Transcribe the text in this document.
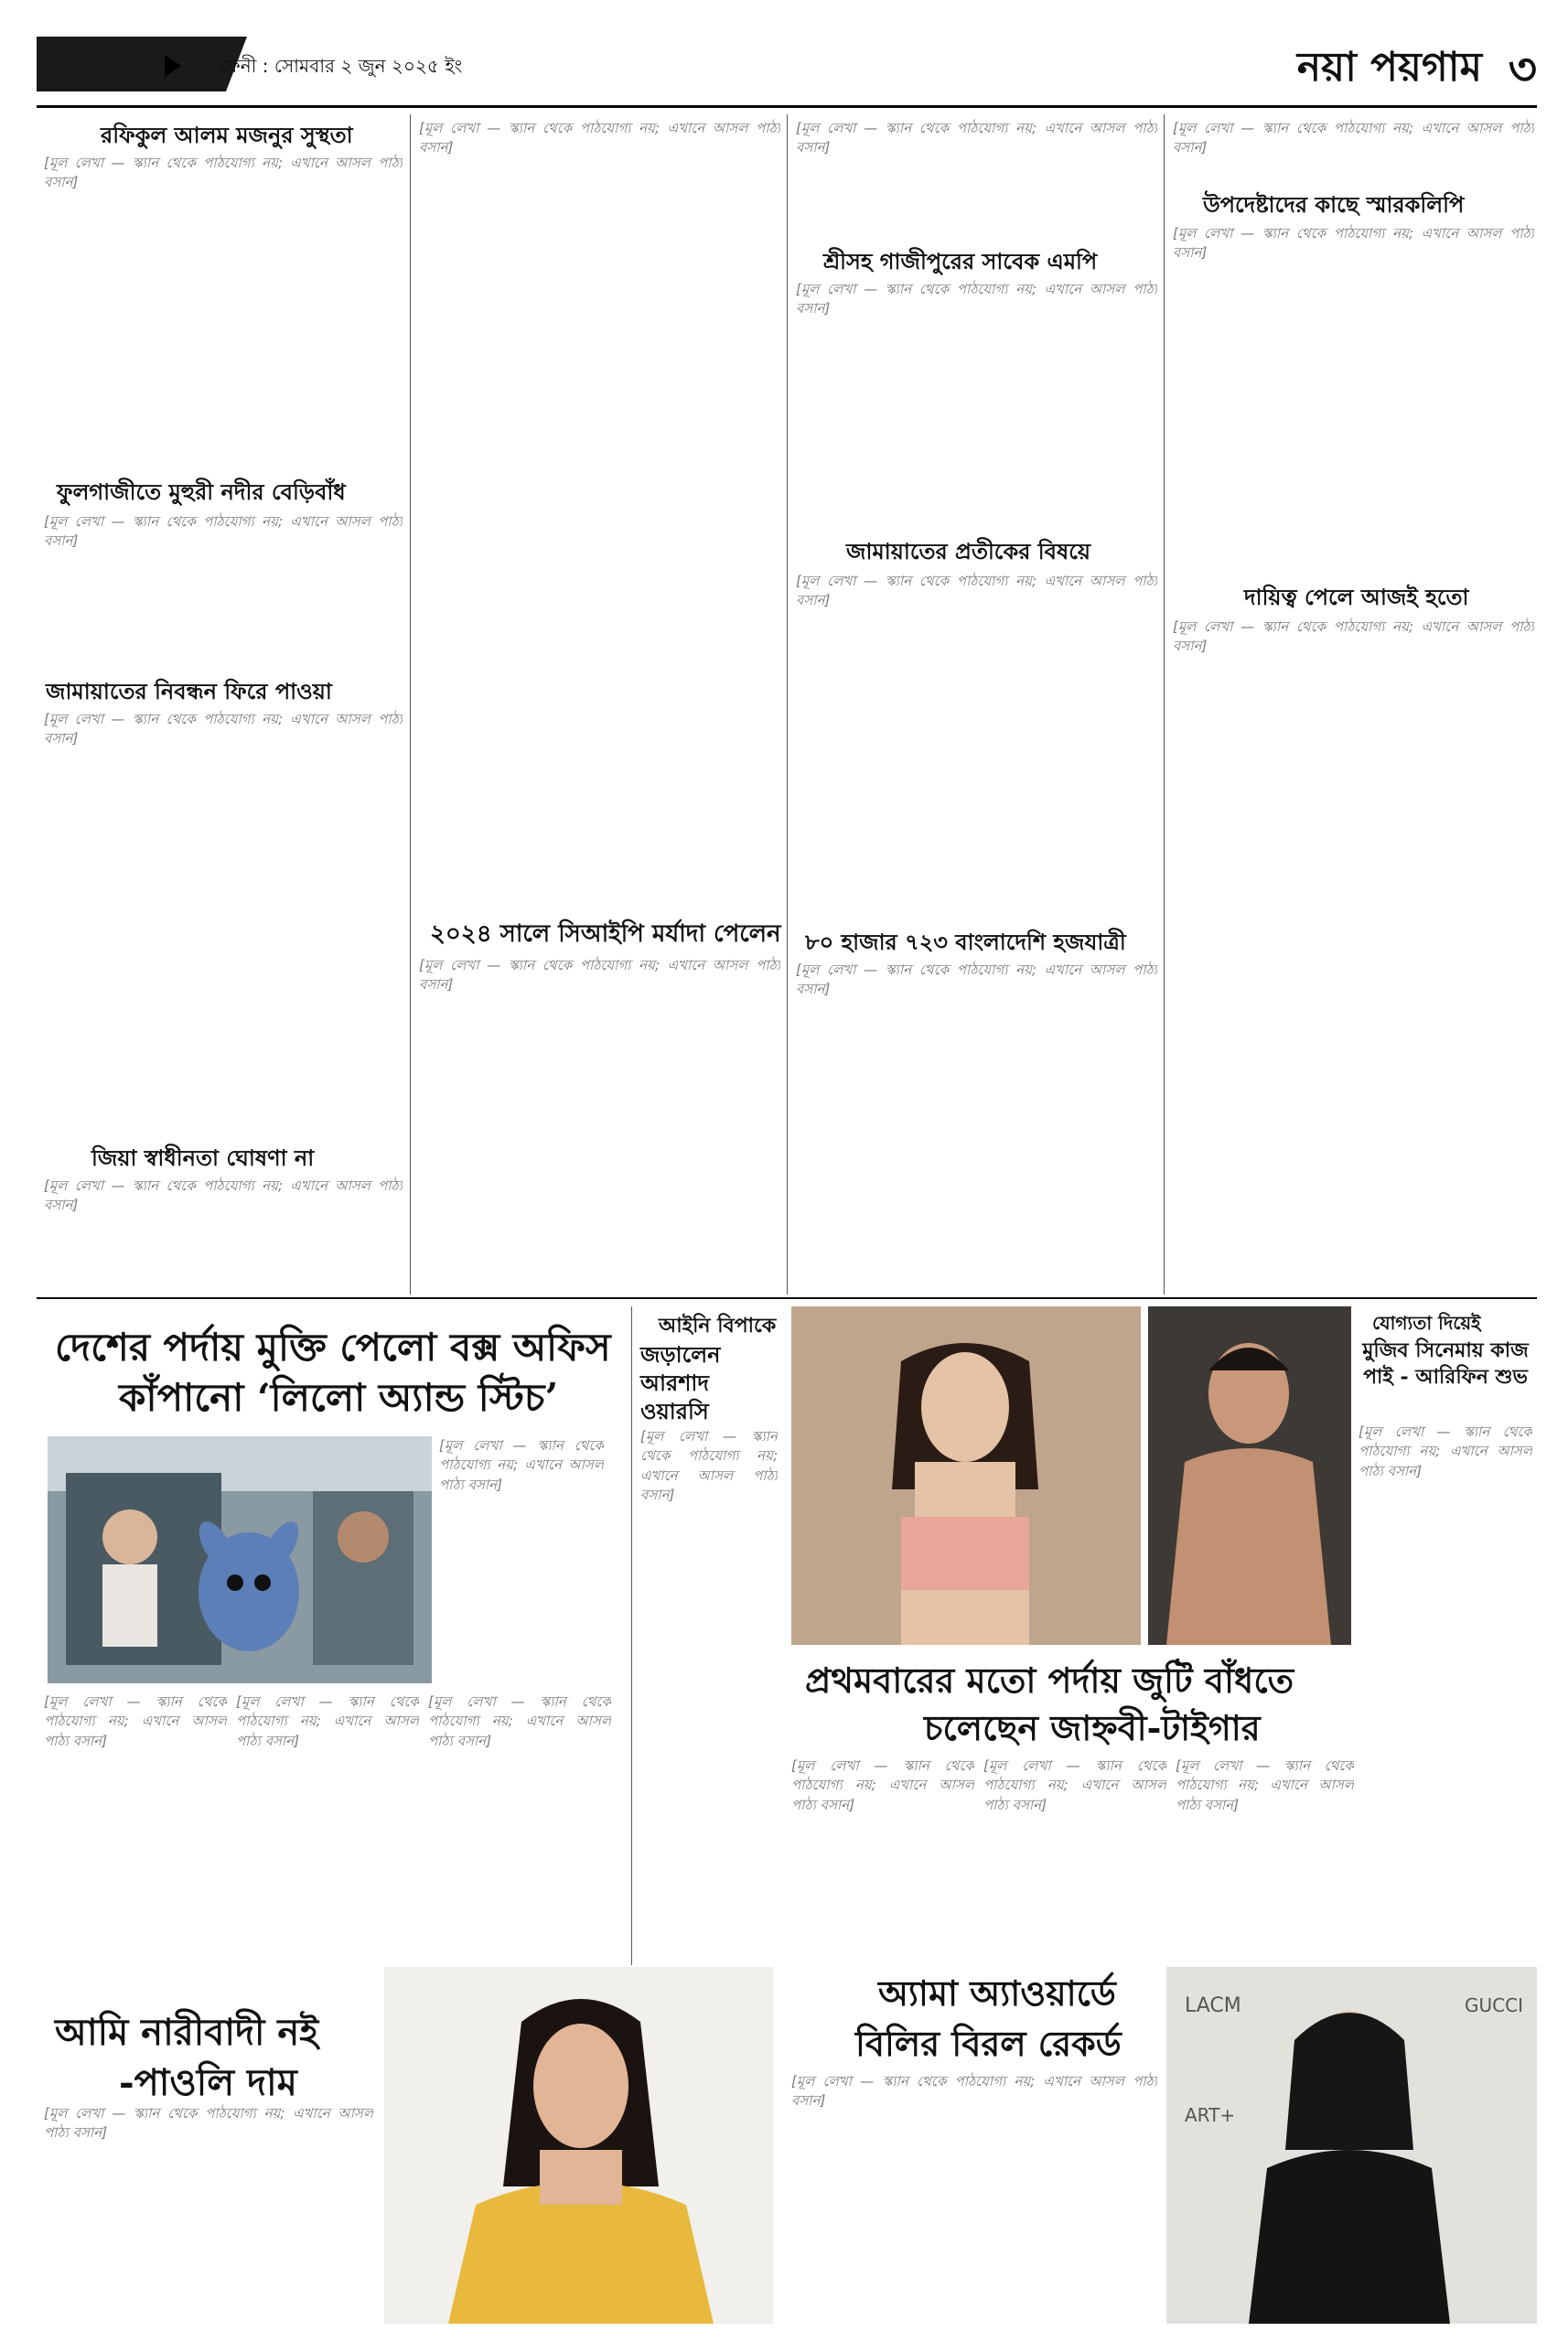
ফেনী : সোমবার ২ জুন ২০২৫ ইং	নয়া পয়গাম ৩
রফিকুল আলম মজনুর সুস্থতা

[মূল লেখা — স্ক্যান থেকে পাঠযোগ্য নয়; এখানে আসল পাঠ্য বসান]

ফুলগাজীতে মুহুরী নদীর বেড়িবাঁধ

[মূল লেখা — স্ক্যান থেকে পাঠযোগ্য নয়; এখানে আসল পাঠ্য বসান]

জামায়াতের নিবন্ধন ফিরে পাওয়া

[মূল লেখা — স্ক্যান থেকে পাঠযোগ্য নয়; এখানে আসল পাঠ্য বসান]

জিয়া স্বাধীনতা ঘোষণা না

[মূল লেখা — স্ক্যান থেকে পাঠযোগ্য নয়; এখানে আসল পাঠ্য বসান]

[মূল লেখা — স্ক্যান থেকে পাঠযোগ্য নয়; এখানে আসল পাঠ্য বসান]

২০২৪ সালে সিআইপি মর্যাদা পেলেন

[মূল লেখা — স্ক্যান থেকে পাঠযোগ্য নয়; এখানে আসল পাঠ্য বসান]

[মূল লেখা — স্ক্যান থেকে পাঠযোগ্য নয়; এখানে আসল পাঠ্য বসান]

শ্রীসহ গাজীপুরের সাবেক এমপি

[মূল লেখা — স্ক্যান থেকে পাঠযোগ্য নয়; এখানে আসল পাঠ্য বসান]

জামায়াতের প্রতীকের বিষয়ে

[মূল লেখা — স্ক্যান থেকে পাঠযোগ্য নয়; এখানে আসল পাঠ্য বসান]

৮০ হাজার ৭২৩ বাংলাদেশি হজযাত্রী

[মূল লেখা — স্ক্যান থেকে পাঠযোগ্য নয়; এখানে আসল পাঠ্য বসান]

[মূল লেখা — স্ক্যান থেকে পাঠযোগ্য নয়; এখানে আসল পাঠ্য বসান]

উপদেষ্টাদের কাছে স্মারকলিপি

[মূল লেখা — স্ক্যান থেকে পাঠযোগ্য নয়; এখানে আসল পাঠ্য বসান]

দায়িত্ব পেলে আজই হতো

[মূল লেখা — স্ক্যান থেকে পাঠযোগ্য নয়; এখানে আসল পাঠ্য বসান]

দেশের পর্দায় মুক্তি পেলো বক্স অফিস
কাঁপানো ‘লিলো অ্যান্ড স্টিচ’

[মূল লেখা — স্ক্যান থেকে পাঠযোগ্য নয়; এখানে আসল পাঠ্য বসান]

[মূল লেখা — স্ক্যান থেকে পাঠযোগ্য নয়; এখানে আসল পাঠ্য বসান]

[মূল লেখা — স্ক্যান থেকে পাঠযোগ্য নয়; এখানে আসল পাঠ্য বসান]

[মূল লেখা — স্ক্যান থেকে পাঠযোগ্য নয়; এখানে আসল পাঠ্য বসান]

আইনি বিপাকে
জড়ালেন আরশাদ ওয়ারসি

[মূল লেখা — স্ক্যান থেকে পাঠযোগ্য নয়; এখানে আসল পাঠ্য বসান]

যোগ্যতা দিয়েই
মুজিব সিনেমায় কাজ পাই - আরিফিন শুভ

[মূল লেখা — স্ক্যান থেকে পাঠযোগ্য নয়; এখানে আসল পাঠ্য বসান]

প্রথমবারের মতো পর্দায় জুটি বাঁধতে
চলেছেন জাহ্নবী-টাইগার

[মূল লেখা — স্ক্যান থেকে পাঠযোগ্য নয়; এখানে আসল পাঠ্য বসান]

[মূল লেখা — স্ক্যান থেকে পাঠযোগ্য নয়; এখানে আসল পাঠ্য বসান]

[মূল লেখা — স্ক্যান থেকে পাঠযোগ্য নয়; এখানে আসল পাঠ্য বসান]

আমি নারীবাদী নই
-পাওলি দাম

[মূল লেখা — স্ক্যান থেকে পাঠযোগ্য নয়; এখানে আসল পাঠ্য বসান]

অ্যামা অ্যাওয়ার্ডে
বিলির বিরল রেকর্ড

[মূল লেখা — স্ক্যান থেকে পাঠযোগ্য নয়; এখানে আসল পাঠ্য বসান]

LACM	GUCCI
ART+
